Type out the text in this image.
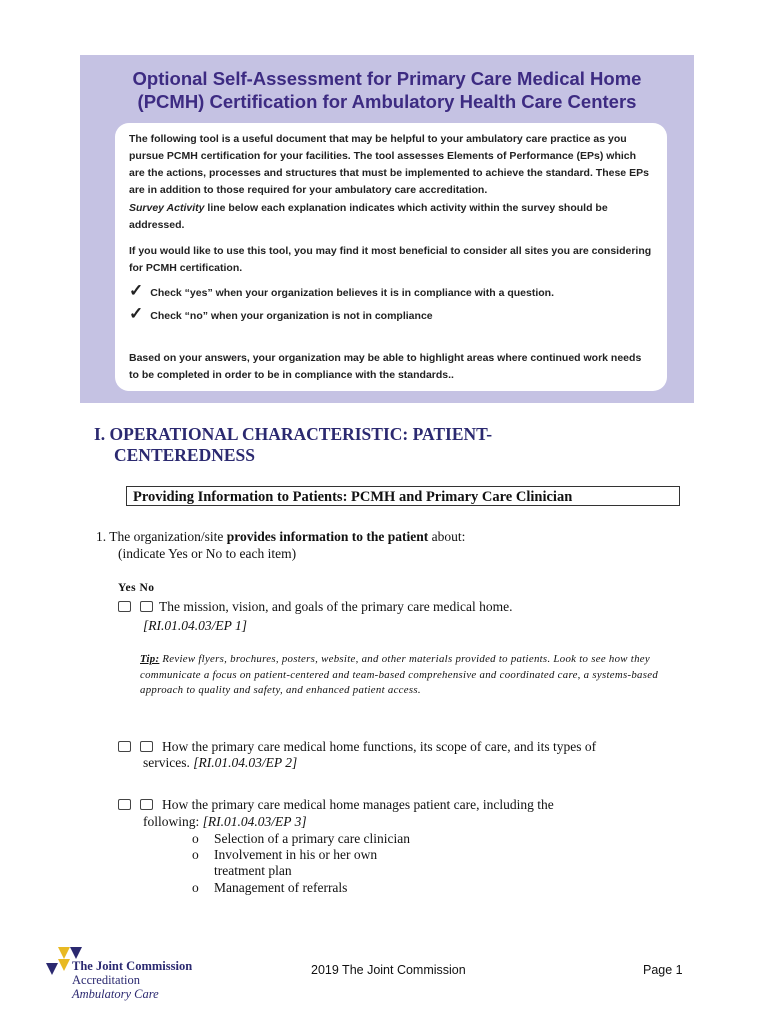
Optional Self-Assessment for Primary Care Medical Home
(PCMH) Certification for Ambulatory Health Care Centers
The following tool is a useful document that may be helpful to your ambulatory care practice as you pursue PCMH certification for your facilities. The tool assesses Elements of Performance (EPs) which are the actions, processes and structures that must be implemented to achieve the standard. These EPs are in addition to those required for your ambulatory care accreditation.
Survey Activity line below each explanation indicates which activity within the survey should be addressed.
If you would like to use this tool, you may find it most beneficial to consider all sites you are considering for PCMH certification.
✓ Check “yes” when your organization believes it is in compliance with a question.
✓ Check “no” when your organization is not in compliance
Based on your answers, your organization may be able to highlight areas where continued work needs to be completed in order to be in compliance with the standards..
I. OPERATIONAL CHARACTERISTIC: PATIENT-
CENTEREDNESS
Providing Information to Patients: PCMH and Primary Care Clinician
1. The organization/site provides information to the patient about:
(indicate Yes or No to each item)
Yes No
The mission, vision, and goals of the primary care medical home.
[RI.01.04.03/EP 1]
Tip: Review flyers, brochures, posters, website, and other materials provided to patients. Look to see how they communicate a focus on patient-centered and team-based comprehensive and coordinated care, a systems-based approach to quality and safety, and enhanced patient access.
How the primary care medical home functions, its scope of care, and its types of
services. [RI.01.04.03/EP 2]
How the primary care medical home manages patient care, including the
following: [RI.01.04.03/EP 3]
o Selection of a primary care clinician
o Involvement in his or her own
treatment plan
o Management of referrals
The Joint Commission
Accreditation
Ambulatory Care
2019 The Joint Commission	Page 1
